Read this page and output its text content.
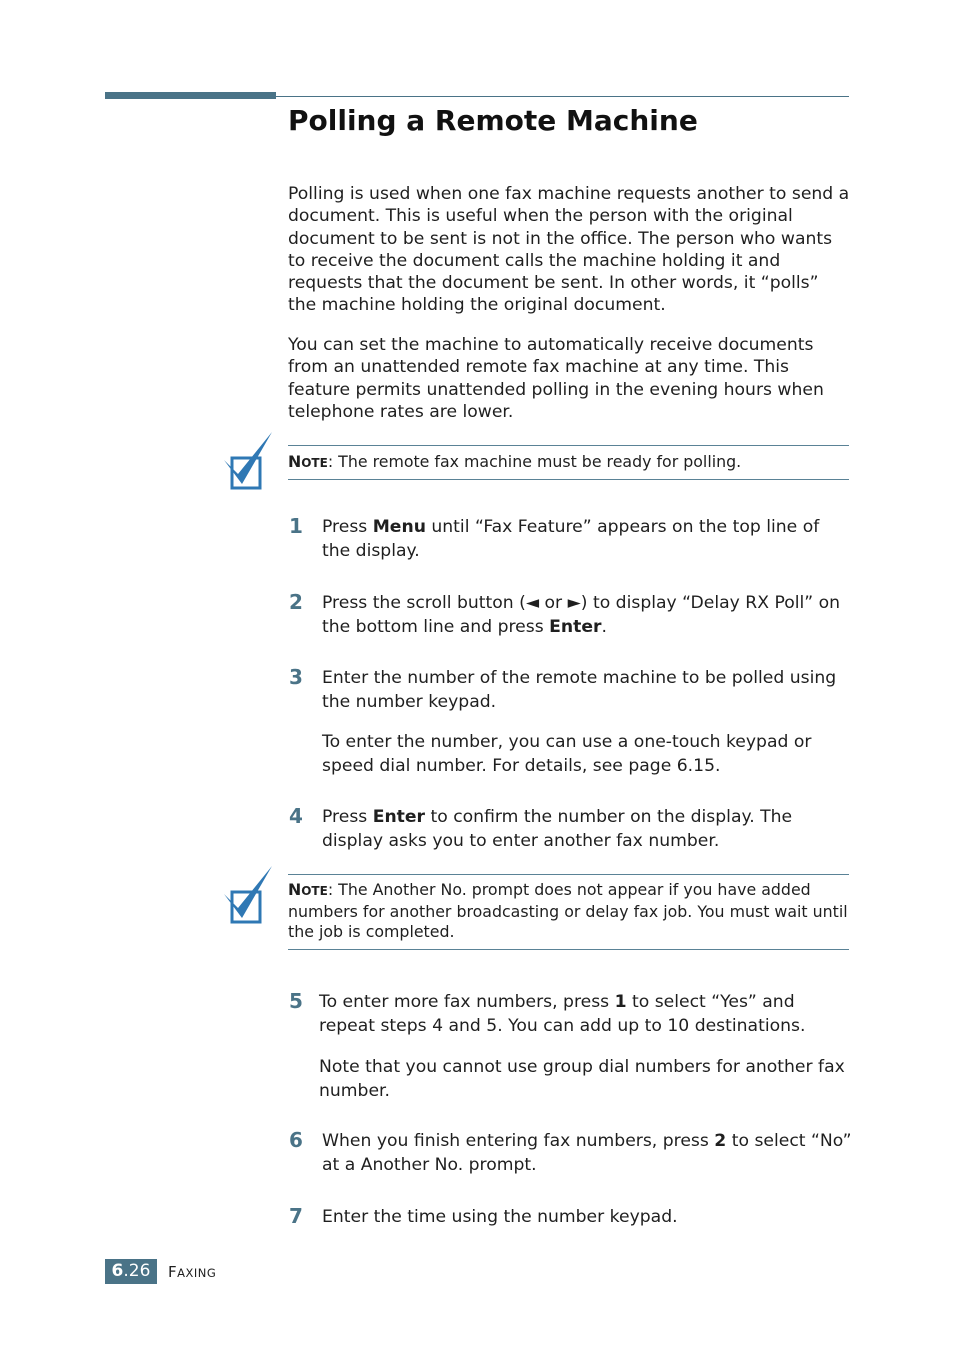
Polling a Remote Machine
Polling is used when one fax machine requests another to send a document. This is useful when the person with the original document to be sent is not in the office. The person who wants to receive the document calls the machine holding it and requests that the document be sent. In other words, it “polls” the machine holding the original document.
You can set the machine to automatically receive documents from an unattended remote fax machine at any time. This feature permits unattended polling in the evening hours when telephone rates are lower.
NOTE: The remote fax machine must be ready for polling.
1 Press Menu until “Fax Feature” appears on the top line of the display.
2 Press the scroll button (◄ or ►) to display “Delay RX Poll” on the bottom line and press Enter.
3 Enter the number of the remote machine to be polled using the number keypad.
To enter the number, you can use a one-touch keypad or speed dial number. For details, see page 6.15.
4 Press Enter to confirm the number on the display. The display asks you to enter another fax number.
NOTE: The Another No. prompt does not appear if you have added numbers for another broadcasting or delay fax job. You must wait until the job is completed.
5 To enter more fax numbers, press 1 to select “Yes” and repeat steps 4 and 5. You can add up to 10 destinations.
Note that you cannot use group dial numbers for another fax number.
6 When you finish entering fax numbers, press 2 to select “No” at a Another No. prompt.
7 Enter the time using the number keypad.
6.26	FAXING
